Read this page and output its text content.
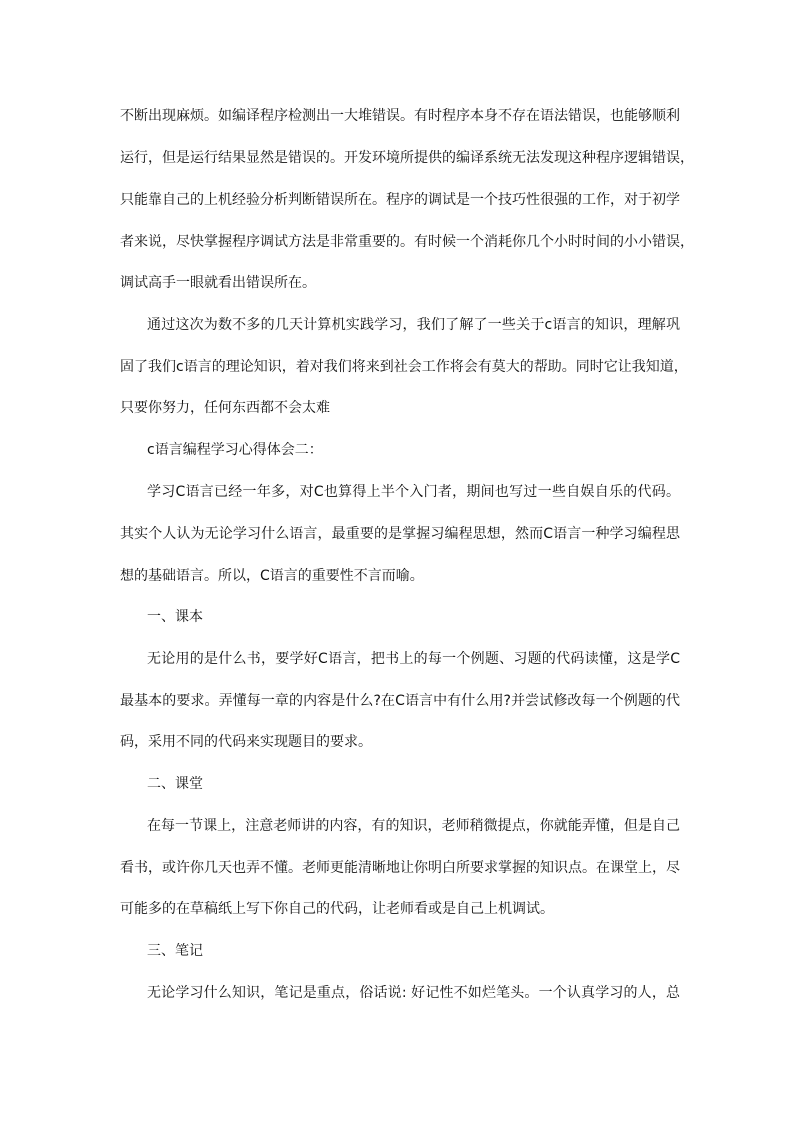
不断出现麻烦。如编译程序检测出一大堆错误。有时程序本身不存在语法错误，也能够顺利

运行，但是运行结果显然是错误的。开发环境所提供的编译系统无法发现这种程序逻辑错误，

只能靠自己的上机经验分析判断错误所在。程序的调试是一个技巧性很强的工作，对于初学

者来说，尽快掌握程序调试方法是非常重要的。有时候一个消耗你几个小时时间的小小错误，

调试高手一眼就看出错误所在。

通过这次为数不多的几天计算机实践学习，我们了解了一些关于c语言的知识，理解巩

固了我们c语言的理论知识，着对我们将来到社会工作将会有莫大的帮助。同时它让我知道，

只要你努力，任何东西都不会太难

c语言编程学习心得体会二：

学习C语言已经一年多，对C也算得上半个入门者，期间也写过一些自娱自乐的代码。

其实个人认为无论学习什么语言，最重要的是掌握习编程思想，然而C语言一种学习编程思

想的基础语言。所以，C语言的重要性不言而喻。

一、课本

无论用的是什么书，要学好C语言，把书上的每一个例题、习题的代码读懂，这是学C

最基本的要求。弄懂每一章的内容是什么?在C语言中有什么用?并尝试修改每一个例题的代

码，采用不同的代码来实现题目的要求。

二、课堂

在每一节课上，注意老师讲的内容，有的知识，老师稍微提点，你就能弄懂，但是自己

看书，或许你几天也弄不懂。老师更能清晰地让你明白所要求掌握的知识点。在课堂上，尽

可能多的在草稿纸上写下你自己的代码，让老师看或是自己上机调试。

三、笔记

无论学习什么知识，笔记是重点，俗话说: 好记性不如烂笔头。一个认真学习的人，总
